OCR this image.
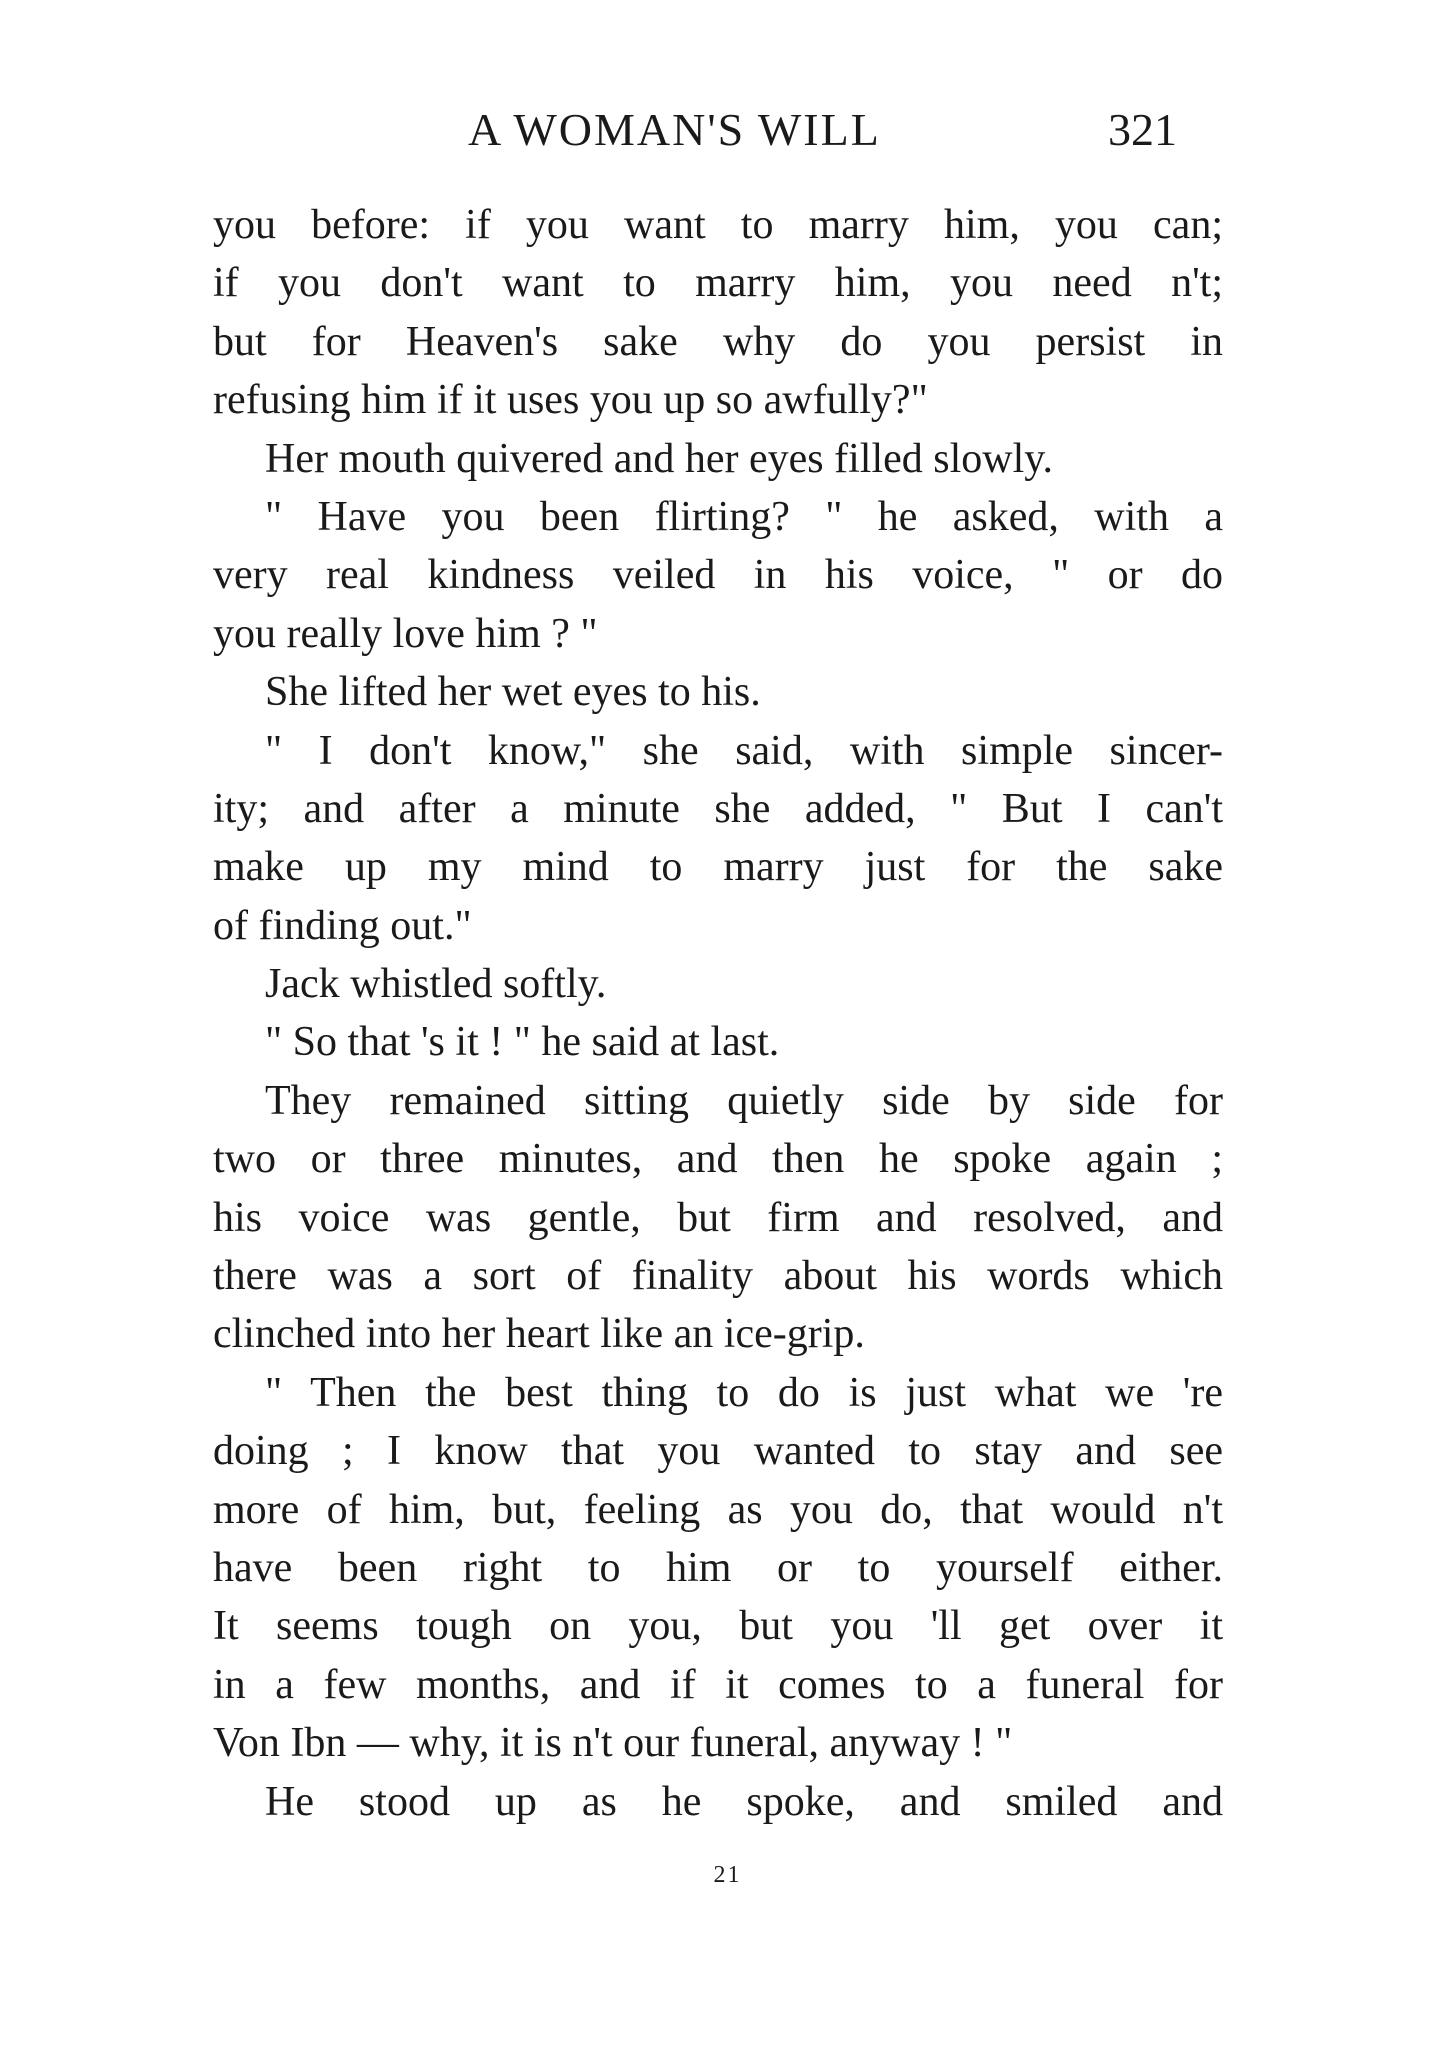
A WOMAN'S WILL	321
you before: if you want to marry him, you can;
if you don't want to marry him, you need n't;
but for Heaven's sake why do you persist in
refusing him if it uses you up so awfully?"
Her mouth quivered and her eyes filled slowly.
" Have you been flirting? " he asked, with a
very real kindness veiled in his voice, " or do
you really love him ? "
She lifted her wet eyes to his.
" I don't know," she said, with simple sincer-
ity; and after a minute she added, " But I can't
make up my mind to marry just for the sake
of finding out."
Jack whistled softly.
" So that 's it ! " he said at last.
They remained sitting quietly side by side for
two or three minutes, and then he spoke again ;
his voice was gentle, but firm and resolved, and
there was a sort of finality about his words which
clinched into her heart like an ice-grip.
" Then the best thing to do is just what we 're
doing ; I know that you wanted to stay and see
more of him, but, feeling as you do, that would n't
have been right to him or to yourself either.
It seems tough on you, but you 'll get over it
in a few months, and if it comes to a funeral for
Von Ibn — why, it is n't our funeral, anyway ! "
He stood up as he spoke, and smiled and
21
